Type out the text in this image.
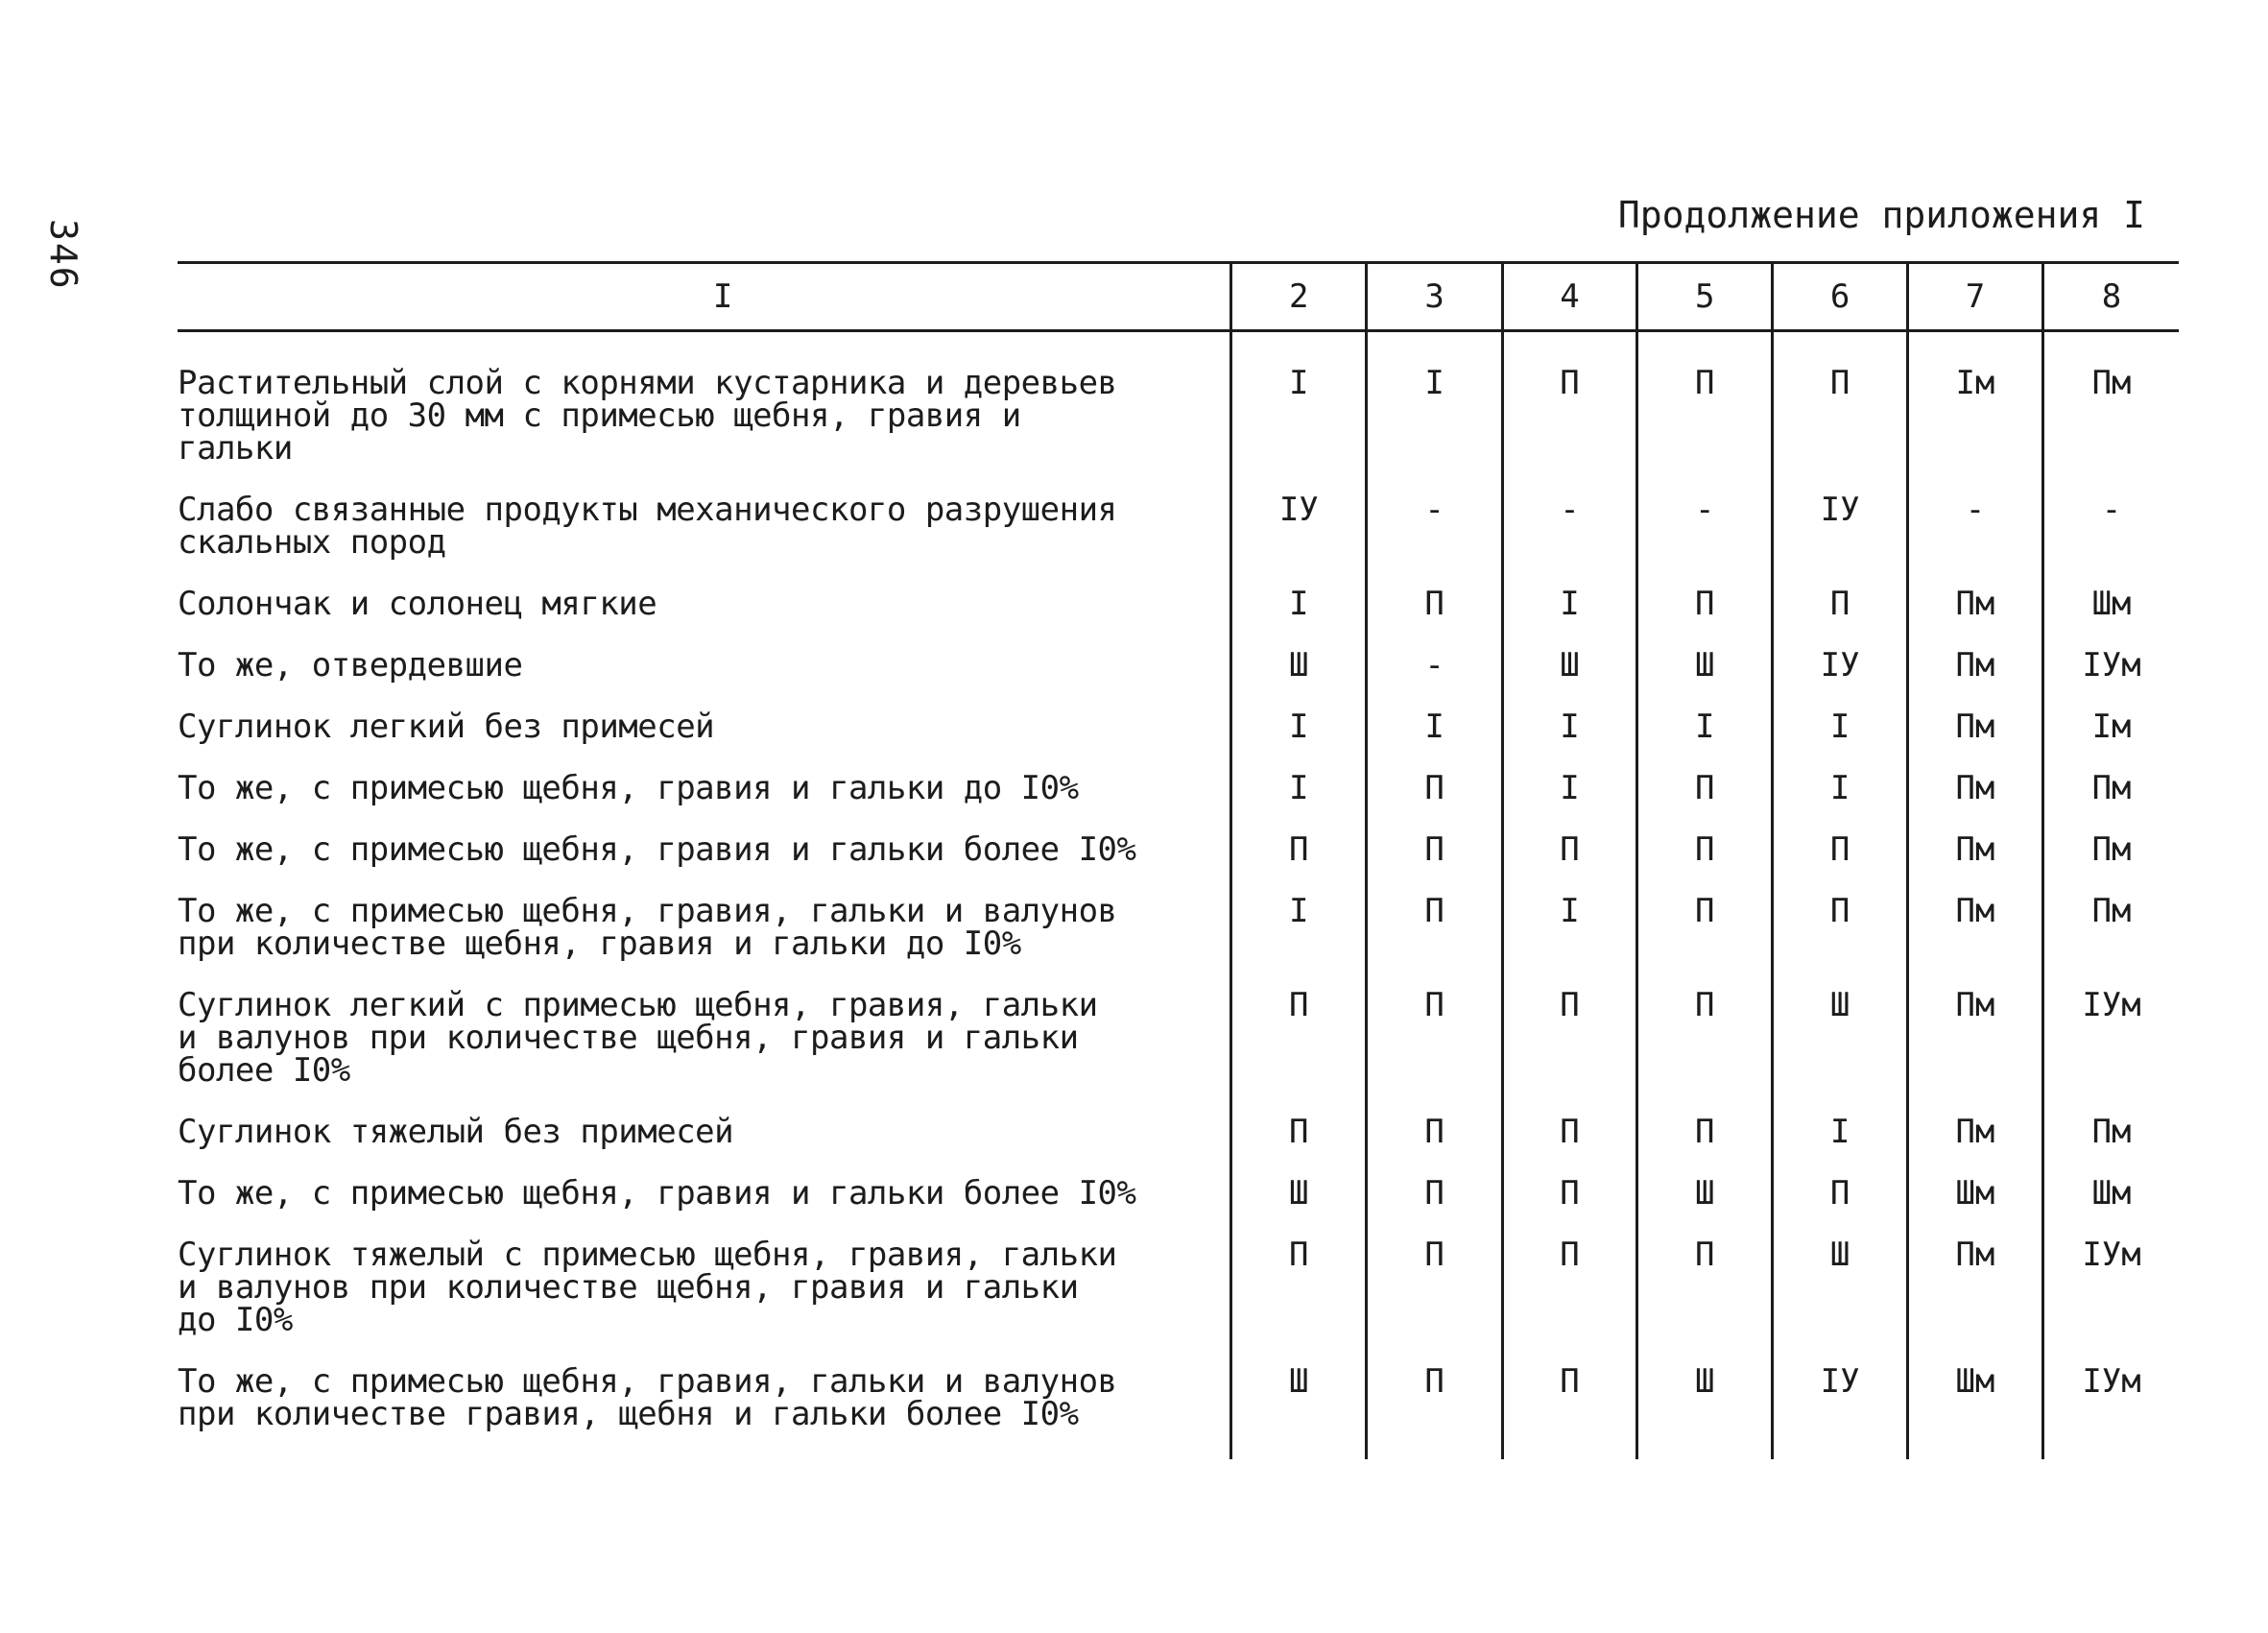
346
Продолжение приложения I
I	2	3	4	5	6	7	8
Растительный слой с корнями кустарника и деревьев
толщиной до 30 мм с примесью щебня, гравия и
гальки	I	I	П	П	П	Iм	Пм
Слабо связанные продукты механического разрушения
скальных пород	IУ	-	-	-	IУ	-	-
Солончак и солонец мягкие	I	П	I	П	П	Пм	Шм
То же, отвердевшие	Ш	-	Ш	Ш	IУ	Пм	IУм
Суглинок легкий без примесей	I	I	I	I	I	Пм	Iм
То же, с примесью щебня, гравия и гальки до I0%	I	П	I	П	I	Пм	Пм
То же, с примесью щебня, гравия и гальки более I0%	П	П	П	П	П	Пм	Пм
То же, с примесью щебня, гравия, гальки и валунов
при количестве щебня, гравия и гальки до I0%	I	П	I	П	П	Пм	Пм
Суглинок легкий с примесью щебня, гравия, гальки
и валунов при количестве щебня, гравия и гальки
более I0%	П	П	П	П	Ш	Пм	IУм
Суглинок тяжелый без примесей	П	П	П	П	I	Пм	Пм
То же, с примесью щебня, гравия и гальки более I0%	Ш	П	П	Ш	П	Шм	Шм
Суглинок тяжелый с примесью щебня, гравия, гальки
и валунов при количестве щебня, гравия и гальки
до I0%	П	П	П	П	Ш	Пм	IУм
То же, с примесью щебня, гравия, гальки и валунов
при количестве гравия, щебня и гальки более I0%	Ш	П	П	Ш	IУ	Шм	IУм
